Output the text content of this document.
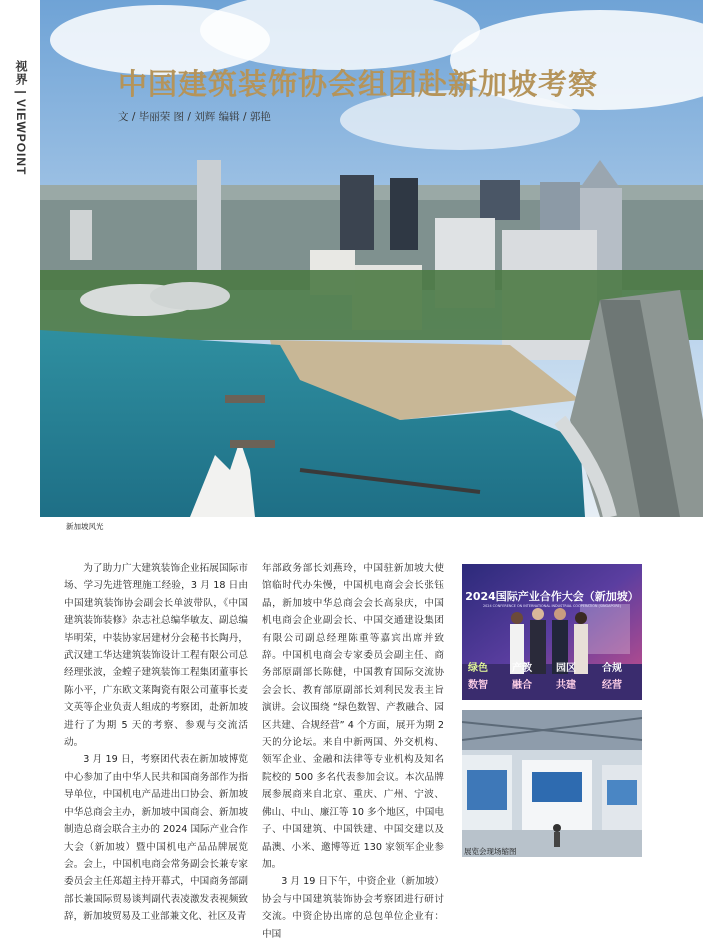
视界 | VIEWPOINT	中国建筑装饰协会组团赴新加坡考察
文 / 毕丽荣 图 / 刘辉 编辑 / 郭艳
新加坡风光

为了助力广大建筑装饰企业拓展国际市场、学习先进管理施工经验，3 月 18 日由中国建筑装饰协会副会长单波带队，《中国建筑装饰装修》杂志社总编华敏友、副总编毕明荣，中装协家居建材分会秘书长陶丹，武汉建工华达建筑装饰设计工程有限公司总经理张波，金螳子建筑装饰工程集团董事长陈小平，广东欧文莱陶瓷有限公司董事长麦文英等企业负责人组成的考察团，赴新加坡进行了为期 5 天的考察、参观与交流活动。

3 月 19 日，考察团代表在新加坡博览中心参加了由中华人民共和国商务部作为指导单位，中国机电产品进出口协会、新加坡中华总商会主办，新加坡中国商会、新加坡制造总商会联合主办的 2024 国际产业合作大会（新加坡）暨中国机电产品品牌展览会。会上，中国机电商会常务副会长兼专家委员会主任郑超主持开幕式，中国商务部副部长兼国际贸易谈判副代表凌激发表视频致辞，新加坡贸易及工业部兼文化、社区及青

年部政务部长刘燕玲，中国驻新加坡大使馆临时代办朱慢，中国机电商会会长张钰晶，新加坡中华总商会会长高泉庆，中国机电商会企业副会长、中国交通建设集团有限公司副总经理陈重等嘉宾出席并致辞。中国机电商会专家委员会副主任、商务部原副部长陈健，中国教育国际交流协会会长、教育部原副部长刘利民发表主旨演讲。会议围绕 “绿色数智、产教融合、园区共建、合规经营” 4 个方面，展开为期 2 天的分论坛。来自中新两国、外交机构、领军企业、金融和法律等专业机构及知名院校的 500 多名代表参加会议。本次品牌展参展商来自北京、重庆、广州、宁波、佛山、中山、廉江等 10 多个地区，中国电子、中国建筑、中国铁建、中国交建以及晶澳、小米、邀博等近 130 家领军企业参加。

3 月 19 日下午，中资企业（新加坡）协会与中国建筑装饰协会考察团进行研讨交流。中资企协出席的总包单位企业有：中国

2024国际产业合作大会（新加坡）
2024 CONFERENCE ON INTERNATIONAL INDUSTRIAL COOPERATION (SINGAPORE)
绿色 产教 园区	合规
数智 融合 共建	经营
展览会现场缩图
